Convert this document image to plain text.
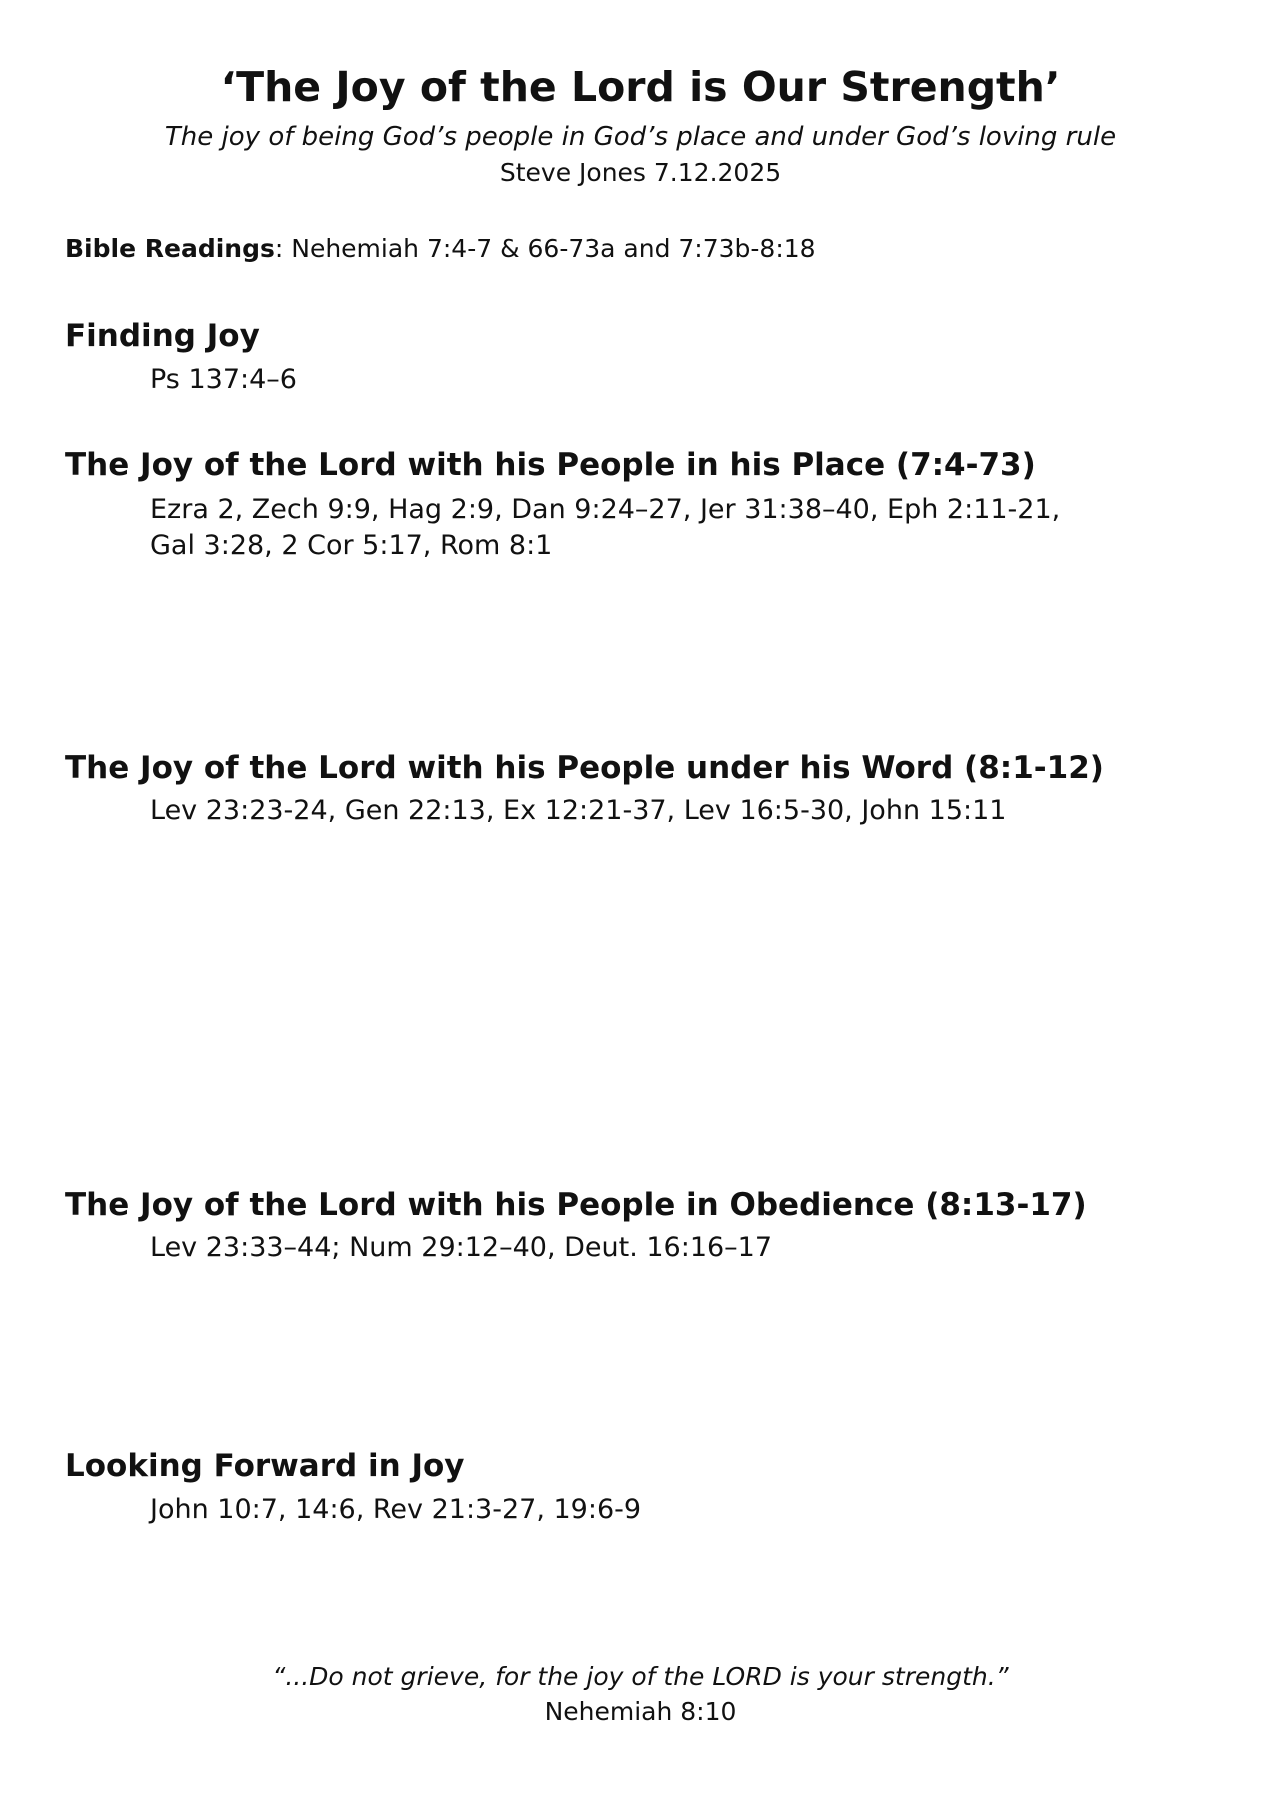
‘The Joy of the Lord is Our Strength’
The joy of being God’s people in God’s place and under God’s loving rule
Steve Jones 7.12.2025
Bible Readings: Nehemiah 7:4-7 & 66-73a and 7:73b-8:18
Finding Joy
Ps 137:4–6
The Joy of the Lord with his People in his Place (7:4-73)
Ezra 2, Zech 9:9, Hag 2:9, Dan 9:24–27, Jer 31:38–40, Eph 2:11-21,
Gal 3:28, 2 Cor 5:17, Rom 8:1
The Joy of the Lord with his People under his Word (8:1-12)
Lev 23:23-24, Gen 22:13, Ex 12:21-37, Lev 16:5-30, John 15:11
The Joy of the Lord with his People in Obedience (8:13-17)
Lev 23:33–44; Num 29:12–40, Deut. 16:16–17
Looking Forward in Joy
John 10:7, 14:6, Rev 21:3-27, 19:6-9
“...Do not grieve, for the joy of the LORD is your strength.”
Nehemiah 8:10
